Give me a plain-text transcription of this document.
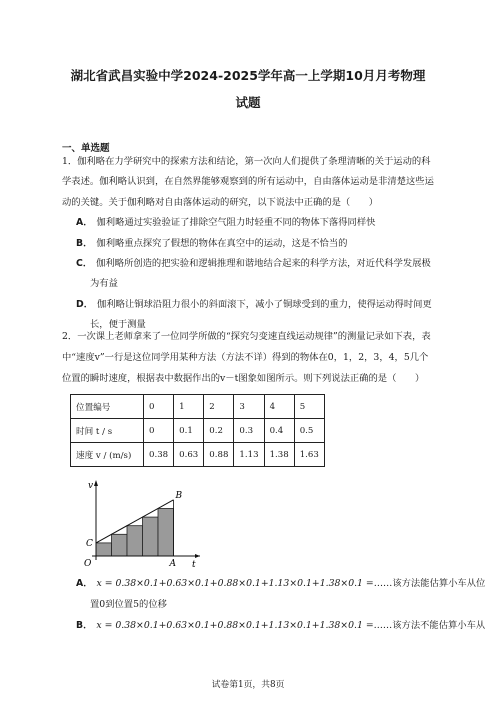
湖北省武昌实验中学2024-2025学年高一上学期10月月考物理
试题
一、单选题
1．伽利略在力学研究中的探索方法和结论，第一次向人们提供了条理清晰的关于运动的科
学表述。伽利略认识到，在自然界能够观察到的所有运动中，自由落体运动是非清楚这些运
动的关键。关于伽利略对自由落体运动的研究，以下说法中正确的是（　　）
A． 伽利略通过实验验证了排除空气阻力时轻重不同的物体下落得同样快
B． 伽利略重点探究了假想的物体在真空中的运动，这是不恰当的
C． 伽利略所创造的把实验和逻辑推理和谐地结合起来的科学方法，对近代科学发展极
为有益
D． 伽利略让铜球沿阻力很小的斜面滚下，减小了铜球受到的重力，使得运动得时间更
长，便于测量
2．一次课上老师拿来了一位同学所做的“探究匀变速直线运动规律”的测量记录如下表，表
中“速度v”一行是这位同学用某种方法（方法不详）得到的物体在0，1，2，3，4，5几个
位置的瞬时速度，根据表中数据作出的v－t图象如图所示。则下列说法正确的是（　　）
位置编号	0	1	2	3	4	5
时间 t / s	0	0.1	0.2	0.3	0.4	0.5
速度 v / (m/s)	0.38	0.63	0.88	1.13	1.38	1.63
v
t
O	A
B
C
A． x = 0.38×0.1+0.63×0.1+0.88×0.1+1.13×0.1+1.38×0.1 =……该方法能估算小车从位
置0到位置5的位移
B． x = 0.38×0.1+0.63×0.1+0.88×0.1+1.13×0.1+1.38×0.1 =……该方法不能估算小车从
试卷第1页，共8页
